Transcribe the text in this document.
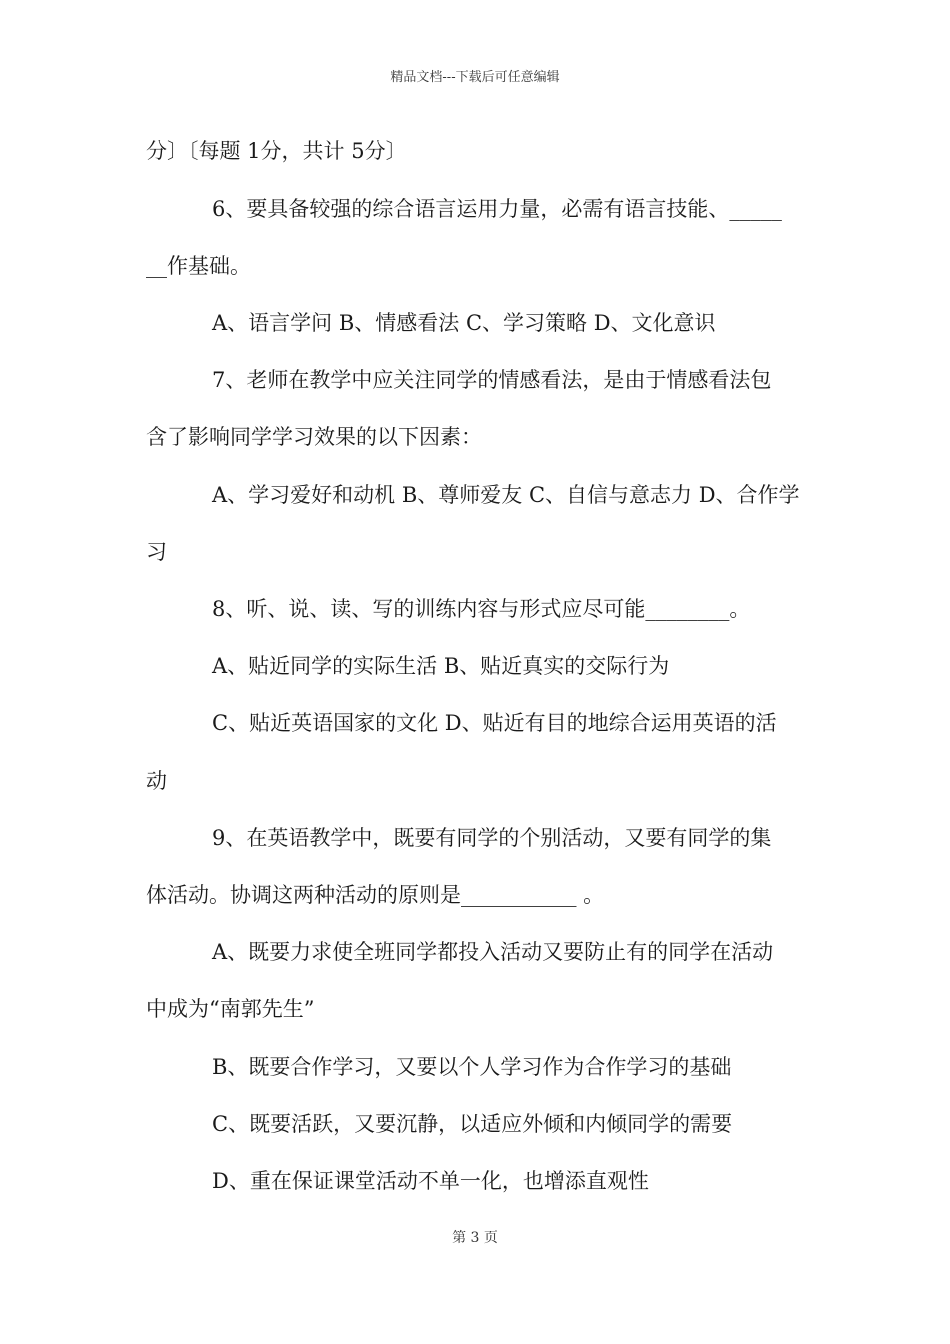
精品文档---下载后可任意编辑
分〕〔每题 1分，共计 5分〕
6、要具备较强的综合语言运用力量，必需有语言技能、_____
__作基础。
A、语言学问 B、情感看法 C、学习策略 D、文化意识
7、老师在教学中应关注同学的情感看法，是由于情感看法包
含了影响同学学习效果的以下因素：
A、学习爱好和动机 B、尊师爱友 C、自信与意志力 D、合作学
习
8、听、说、读、写的训练内容与形式应尽可能________。
A、贴近同学的实际生活 B、贴近真实的交际行为
C、贴近英语国家的文化 D、贴近有目的地综合运用英语的活
动
9、在英语教学中，既要有同学的个别活动，又要有同学的集
体活动。协调这两种活动的原则是___________ 。
A、既要力求使全班同学都投入活动又要防止有的同学在活动
中成为“南郭先生”
B、既要合作学习，又要以个人学习作为合作学习的基础
C、既要活跃，又要沉静，以适应外倾和内倾同学的需要
D、重在保证课堂活动不单一化，也增添直观性
第 3 页
